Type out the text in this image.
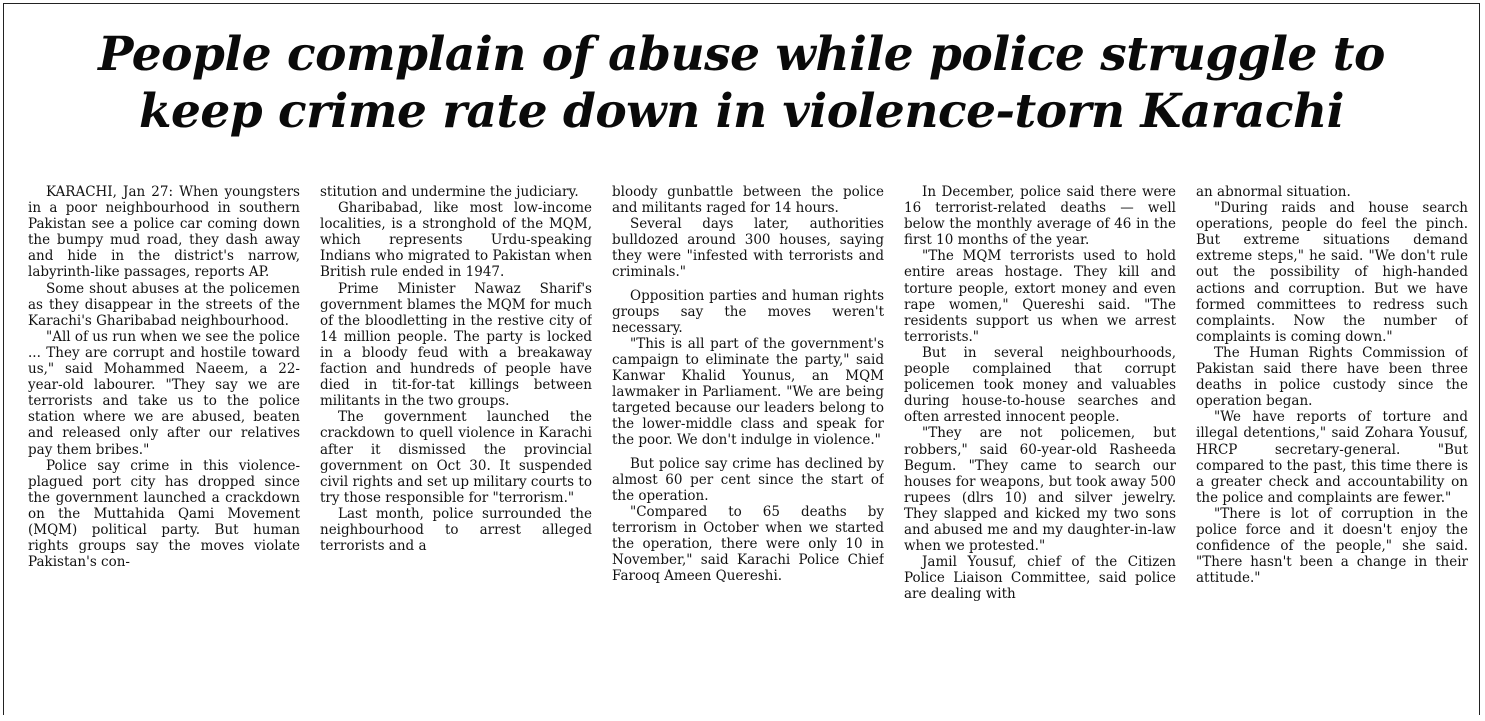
People complain of abuse while police struggle to
keep crime rate down in violence-torn Karachi

KARACHI, Jan 27: When youngsters in a poor neighbourhood in southern Pakistan see a police car coming down the bumpy mud road, they dash away and hide in the district's narrow, labyrinth-like passages, reports AP.

Some shout abuses at the policemen as they disappear in the streets of the Karachi's Gharibabad neighbourhood.

"All of us run when we see the police ... They are corrupt and hostile toward us," said Mohammed Naeem, a 22-year-old labourer. "They say we are terrorists and take us to the police station where we are abused, beaten and released only after our relatives pay them bribes."

Police say crime in this violence-plagued port city has dropped since the government launched a crackdown on the Muttahida Qami Movement (MQM) political party. But human rights groups say the moves violate Pakistan's con-

stitution and undermine the judiciary.

Gharibabad, like most low-income localities, is a stronghold of the MQM, which represents Urdu-speaking Indians who migrated to Pakistan when British rule ended in 1947.

Prime Minister Nawaz Sharif's government blames the MQM for much of the bloodletting in the restive city of 14 million people. The party is locked in a bloody feud with a breakaway faction and hundreds of people have died in tit-for-tat killings between militants in the two groups.

The government launched the crackdown to quell violence in Karachi after it dismissed the provincial government on Oct 30. It suspended civil rights and set up military courts to try those responsible for "terrorism."

Last month, police surrounded the neighbourhood to arrest alleged terrorists and a

bloody gunbattle between the police and militants raged for 14 hours.

Several days later, authorities bulldozed around 300 houses, saying they were "infested with terrorists and criminals."

Opposition parties and human rights groups say the moves weren't necessary.

"This is all part of the government's campaign to eliminate the party," said Kanwar Khalid Younus, an MQM lawmaker in Parliament. "We are being targeted because our leaders belong to the lower-middle class and speak for the poor. We don't indulge in violence."

But police say crime has declined by almost 60 per cent since the start of the operation.

"Compared to 65 deaths by terrorism in October when we started the operation, there were only 10 in November," said Karachi Police Chief Farooq Ameen Quereshi.

In December, police said there were 16 terrorist-related deaths — well below the monthly average of 46 in the first 10 months of the year.

"The MQM terrorists used to hold entire areas hostage. They kill and torture people, extort money and even rape women," Quereshi said. "The residents support us when we arrest terrorists."

But in several neighbourhoods, people complained that corrupt policemen took money and valuables during house-to-house searches and often arrested innocent people.

"They are not policemen, but robbers," said 60-year-old Rasheeda Begum. "They came to search our houses for weapons, but took away 500 rupees (dlrs 10) and silver jewelry. They slapped and kicked my two sons and abused me and my daughter-in-law when we protested."

Jamil Yousuf, chief of the Citizen Police Liaison Committee, said police are dealing with

an abnormal situation.

"During raids and house search operations, people do feel the pinch. But extreme situations demand extreme steps," he said. "We don't rule out the possibility of high-handed actions and corruption. But we have formed committees to redress such complaints. Now the number of complaints is coming down."

The Human Rights Commission of Pakistan said there have been three deaths in police custody since the operation began.

"We have reports of torture and illegal detentions," said Zohara Yousuf, HRCP secretary-general. "But compared to the past, this time there is a greater check and accountability on the police and complaints are fewer."

"There is lot of corruption in the police force and it doesn't enjoy the confidence of the people," she said. "There hasn't been a change in their attitude."
